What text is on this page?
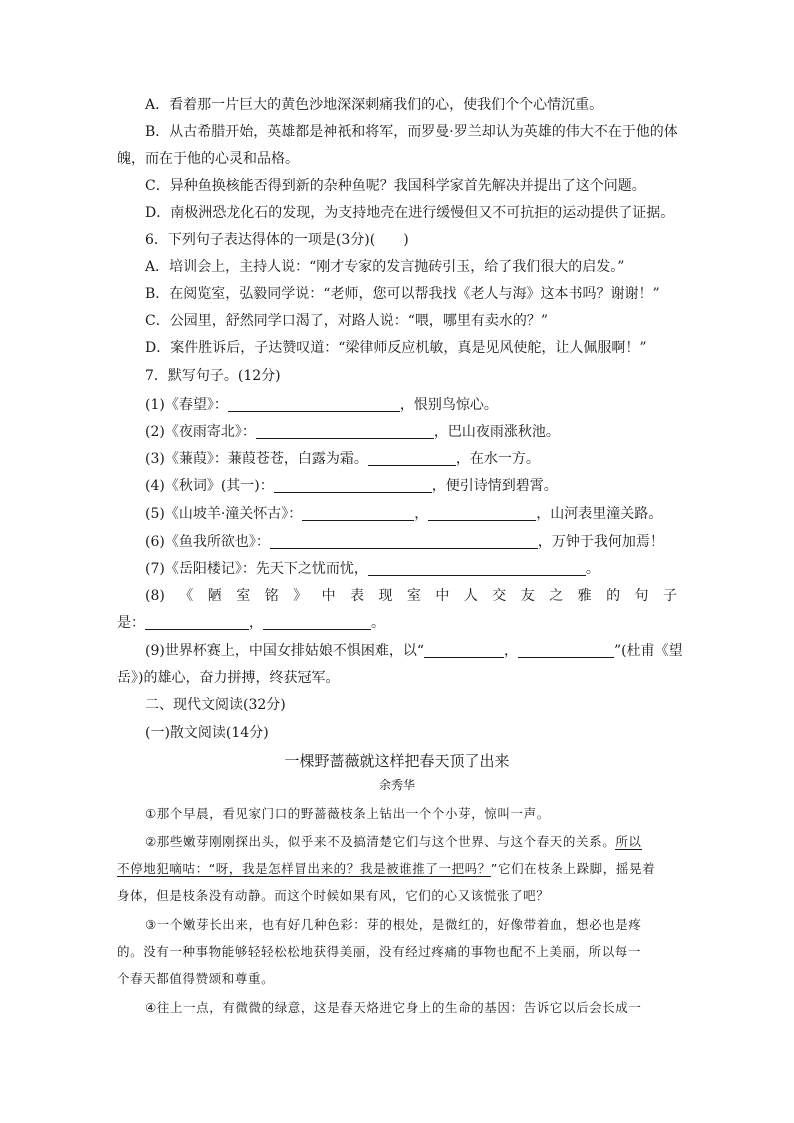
A．看着那一片巨大的黄色沙地深深刺痛我们的心，使我们个个心情沉重。
B．从古希腊开始，英雄都是神祇和将军，而罗曼·罗兰却认为英雄的伟大不在于他的体
魄，而在于他的心灵和品格。
C．异种鱼换核能否得到新的杂种鱼呢？我国科学家首先解决并提出了这个问题。
D．南极洲恐龙化石的发现，为支持地壳在进行缓慢但又不可抗拒的运动提供了证据。
6．下列句子表达得体的一项是(3分)(　　)
A．培训会上，主持人说：“刚才专家的发言抛砖引玉，给了我们很大的启发。”
B．在阅览室，弘毅同学说：“老师，您可以帮我找《老人与海》这本书吗？谢谢！”
C．公园里，舒然同学口渴了，对路人说：“喂，哪里有卖水的？”
D．案件胜诉后，子达赞叹道：“梁律师反应机敏，真是见风使舵，让人佩服啊！”
7．默写句子。(12分)
(1)《春望》：	，恨别鸟惊心。
(2)《夜雨寄北》：	，巴山夜雨涨秋池。
(3)《蒹葭》：蒹葭苍苍，白露为霜。	，在水一方。
(4)《秋词》(其一)：	，便引诗情到碧霄。
(5)《山坡羊·潼关怀古》：	，	，山河表里潼关路。
(6)《鱼我所欲也》：	，万钟于我何加焉！
(7)《岳阳楼记》：先天下之忧而忧，	。
(8) 《 陋 室 铭 》 中 表 现 室 中 人 交 友 之 雅 的 句 子
是：	，	。
(9)世界杯赛上，中国女排姑娘不惧困难，以“	，	”(杜甫《望
岳》)的雄心，奋力拼搏，终获冠军。
二、现代文阅读(32分)
(一)散文阅读(14分)
一棵野蔷薇就这样把春天顶了出来
余秀华
①那个早晨，看见家门口的野蔷薇枝条上钻出一个个小芽，惊叫一声。
②那些嫩芽刚刚探出头，似乎来不及搞清楚它们与这个世界、与这个春天的关系。所以
不停地犯嘀咕：“呀，我是怎样冒出来的？我是被谁推了一把吗？”它们在枝条上跺脚，摇晃着
身体，但是枝条没有动静。而这个时候如果有风，它们的心又该慌张了吧？
③一个嫩芽长出来，也有好几种色彩：芽的根处，是微红的，好像带着血，想必也是疼
的。没有一种事物能够轻轻松松地获得美丽，没有经过疼痛的事物也配不上美丽，所以每一
个春天都值得赞颂和尊重。
④往上一点，有微微的绿意，这是春天烙进它身上的生命的基因：告诉它以后会长成一
